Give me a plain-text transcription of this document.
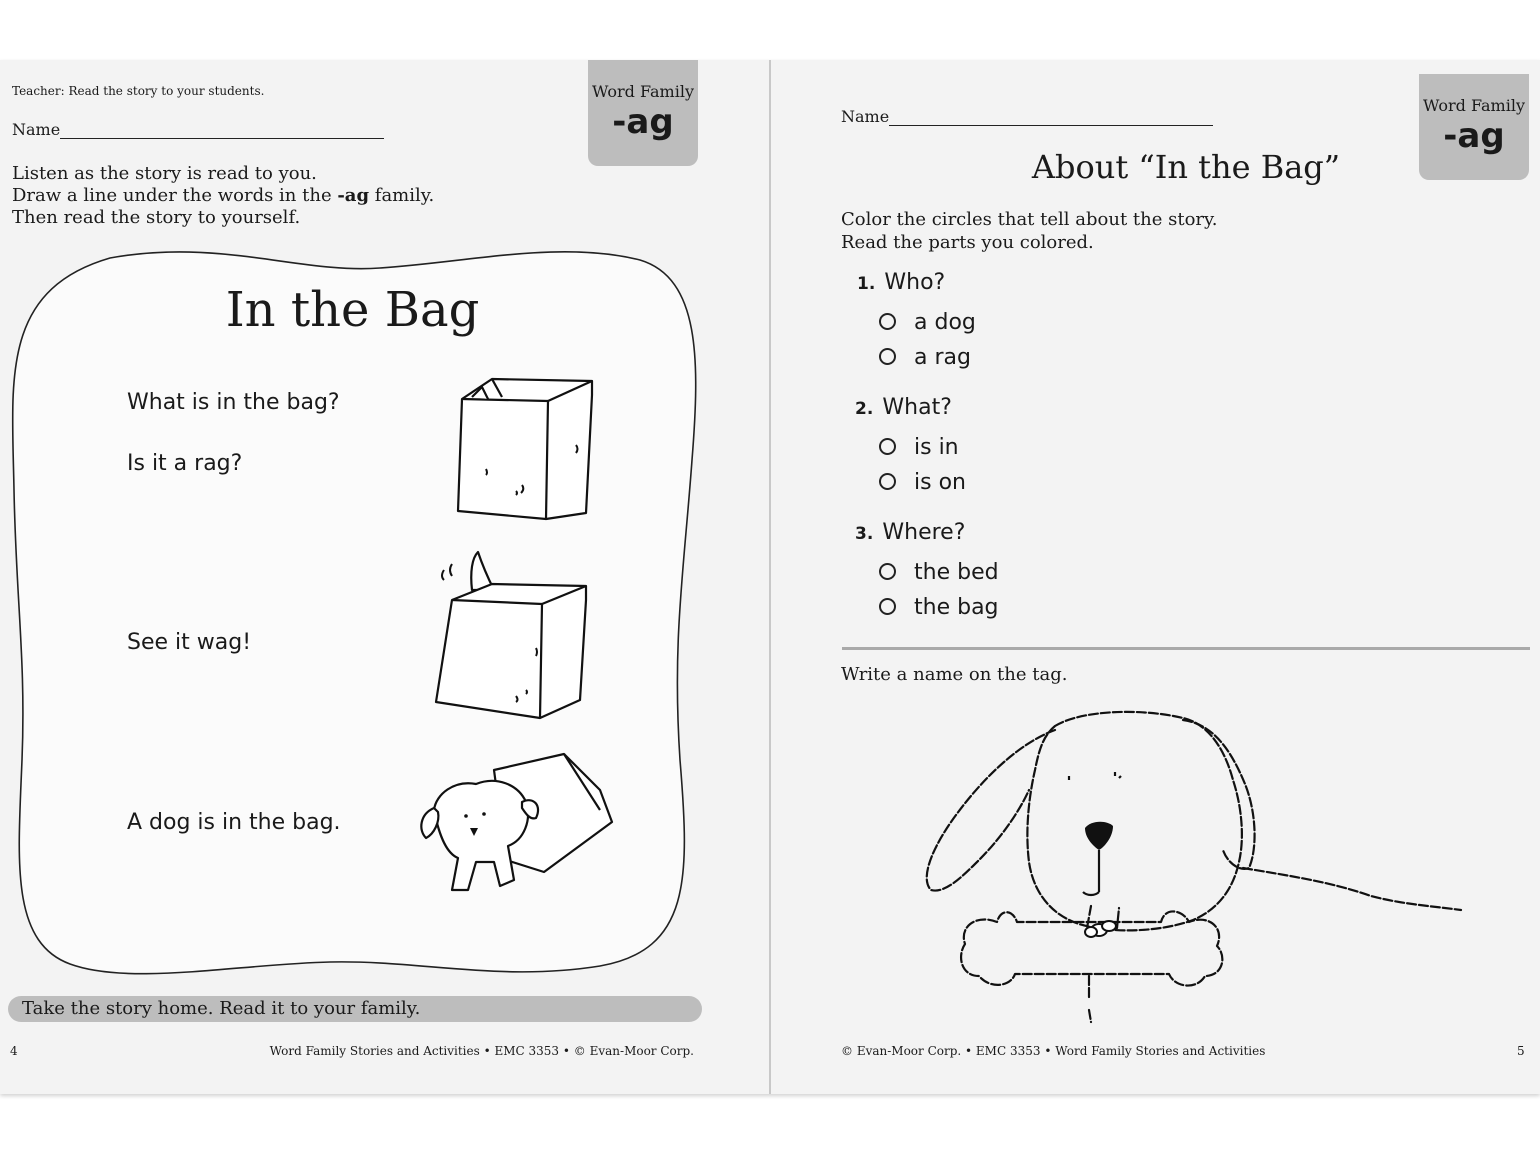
Teacher: Read the story to your students.
Name
Word Family
-ag
Listen as the story is read to you.
Draw a line under the words in the -ag family.
Then read the story to yourself.
In the Bag
What is in the bag?
Is it a rag?
See it wag!
A dog is in the bag.
Take the story home. Read it to your family.
4	Word Family Stories and Activities • EMC 3353 • © Evan-Moor Corp.
Name
Word Family
-ag
About “In the Bag”
Color the circles that tell about the story.
Read the parts you colored.
1. Who?
a dog
a rag
2. What?
is in
is on
3. Where?
the bed
the bag
Write a name on the tag.
© Evan-Moor Corp. • EMC 3353 • Word Family Stories and Activities	5
